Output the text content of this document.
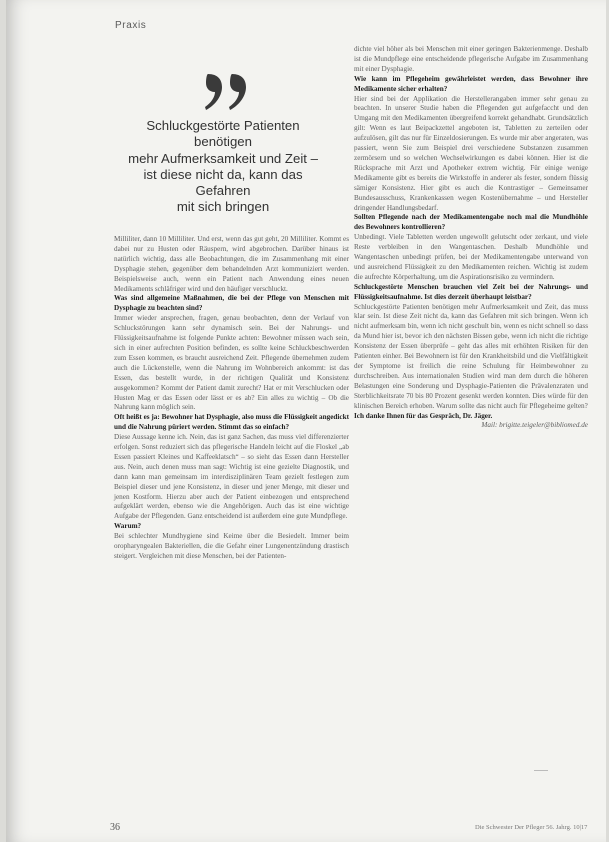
Praxis
Schluckgestörte Patienten benötigen
mehr Aufmerksamkeit und Zeit –
ist diese nicht da, kann das Gefahren
mit sich bringen

Milliliter, dann 10 Milliliter. Und erst, wenn das gut geht, 20 Milliliter. Kommt es dabei nur zu Husten oder Räuspern, wird abgebrochen. Darüber hinaus ist natürlich wichtig, dass alle Beobachtungen, die im Zusammenhang mit einer Dysphagie stehen, gegenüber dem behandelnden Arzt kommuniziert werden. Beispielsweise auch, wenn ein Patient nach Anwendung eines neuen Medikaments schläfriger wird und den häufiger verschluckt.

Was sind allgemeine Maßnahmen, die bei der Pflege von Menschen mit Dysphagie zu beachten sind?

Immer wieder ansprechen, fragen, genau beobachten, denn der Verlauf von Schluckstörungen kann sehr dynamisch sein. Bei der Nahrungs- und Flüssigkeitsaufnahme ist folgende Punkte achten: Bewohner müssen wach sein, sich in einer aufrechten Position befinden, es sollte keine Schluckbeschwerden zum Essen kommen, es braucht ausreichend Zeit. Pflegende übernehmen zudem auch die Lückenstelle, wenn die Nahrung im Wohnbereich ankommt: ist das Essen, das bestellt wurde, in der richtigen Qualität und Konsistenz ausgekommen? Kommt der Patient damit zurecht? Hat er mit Verschlucken oder Husten Mag er das Essen oder lässt er es ab? Ein alles zu wichtig – Ob die Nahrung kann möglich sein.

Oft heißt es ja: Bewohner hat Dysphagie, also muss die Flüssigkeit angedickt und die Nahrung püriert werden. Stimmt das so einfach?

Diese Aussage kenne ich. Nein, das ist ganz Sachen, das muss viel differenzierter erfolgen. Sonst reduziert sich das pflegerische Handeln leicht auf die Floskel „ab Essen passiert Kleines und Kaffeeklatsch“ – so sieht das Essen dann Hersteller aus. Nein, auch denen muss man sagt: Wichtig ist eine gezielte Diagnostik, und dann kann man gemeinsam im interdisziplinären Team gezielt festlegen zum Beispiel dieser und jene Konsistenz, in dieser und jener Menge, mit dieser und jenen Kostform. Hierzu aber auch der Patient einbezogen und entsprechend aufgeklärt werden, ebenso wie die Angehörigen. Auch das ist eine wichtige Aufgabe der Pflegenden. Ganz entscheidend ist außerdem eine gute Mundpflege.

Warum?

Bei schlechter Mundhygiene sind Keime über die Besiedelt. Immer beim oropharyngealen Bakteriellen, die die Gefahr einer Lungenentzündung drastisch steigert. Vergleichen mit diese Menschen, bei der Patienten-

dichte viel höher als bei Menschen mit einer geringen Bakterienmenge. Deshalb ist die Mundpflege eine entscheidende pflegerische Aufgabe im Zusammenhang mit einer Dysphagie.

Wie kann im Pflegeheim gewährleistet werden, dass Bewohner ihre Medikamente sicher erhalten?

Hier sind bei der Applikation die Herstellerangaben immer sehr genau zu beachten. In unserer Studie haben die Pflegenden gut aufgefaccht und den Umgang mit den Medikamenten übergreifend korrekt gehandhabt. Grundsätzlich gilt: Wenn es laut Beipackzettel angeboten ist, Tabletten zu zerteilen oder aufzulösen, gilt das nur für Einzeldosierungen. Es wurde mir aber angeraten, was passiert, wenn Sie zum Beispiel drei verschiedene Substanzen zusammen zermörsern und so welchen Wechselwirkungen es dabei können. Hier ist die Rücksprache mit Arzt und Apotheker extrem wichtig. Für einige wenige Medikamente gibt es bereits die Wirkstoffe in anderer als fester, sondern flüssig sämiger Konsistenz. Hier gibt es auch die Kontrastiger – Gemeinsamer Bundesausschuss, Krankenkassen wegen Kostenübernahme – und Hersteller dringender Handlungsbedarf.

Sollten Pflegende nach der Medikamentengabe noch mal die Mundhöhle des Bewohners kontrollieren?

Unbedingt. Viele Tabletten werden ungewollt gelutscht oder zerkaut, und viele Reste verbleiben in den Wangentaschen. Deshalb Mundhöhle und Wangentaschen unbedingt prüfen, bei der Medikamentengabe unterwand von und ausreichend Flüssigkeit zu den Medikamenten reichen. Wichtig ist zudem die aufrechte Körperhaltung, um die Aspirationsrisiko zu vermindern.

Schluckgestörte Menschen brauchen viel Zeit bei der Nahrungs- und Flüssigkeitsaufnahme. Ist dies derzeit überhaupt leistbar?

Schluckgestörte Patienten benötigen mehr Aufmerksamkeit und Zeit, das muss klar sein. Ist diese Zeit nicht da, kann das Gefahren mit sich bringen. Wenn ich nicht aufmerksam bin, wenn ich nicht geschult bin, wenn es nicht schnell so dass da Mund hier ist, bevor ich den nächsten Bissen gebe, wenn ich nicht die richtige Konsistenz der Essen überprüfe – geht das alles mit erhöhten Risiken für den Patienten einher. Bei Bewohnern ist für den Krankheitsbild und die Vielfältigkeit der Symptome ist freilich die reine Schulung für Heimbewohner zu durchschreiben. Aus internationalen Studien wird man dem durch die höheren Belastungen eine Sonderung und Dysphagie-Patienten die Prävalenzraten und Sterblichkeitsrate 70 bis 80 Prozent gesenkt werden konnten. Dies würde für den klinischen Bereich erhoben. Warum sollte das nicht auch für Pflegeheime gelten?

Ich danke Ihnen für das Gespräch, Dr. Jäger.

Mail: brigitte.teigeler@bibliomed.de

36	Die Schwester Der Pfleger 56. Jahrg. 10|17
